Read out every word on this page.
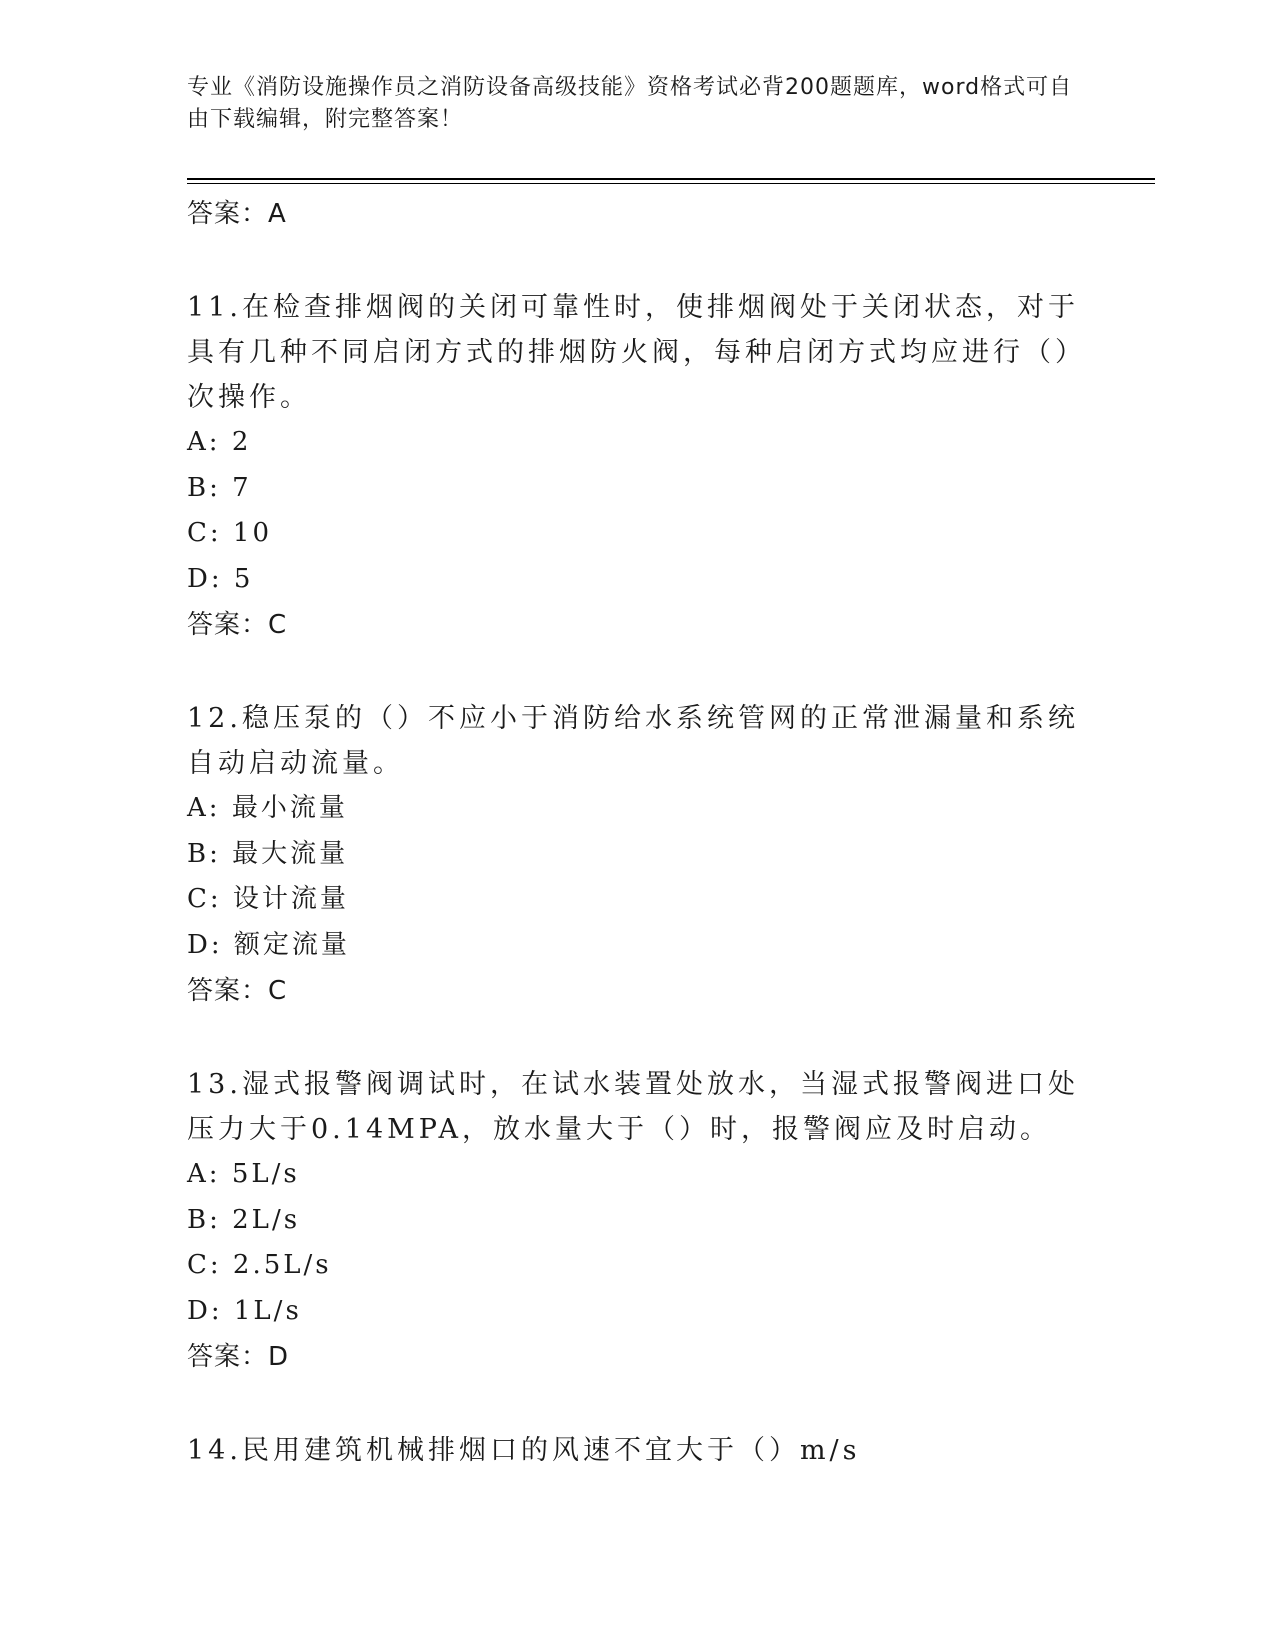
专业《消防设施操作员之消防设备高级技能》资格考试必背200题题库，word格式可自由下载编辑，附完整答案！
答案：A

11.在检查排烟阀的关闭可靠性时，使排烟阀处于关闭状态，对于具有几种不同启闭方式的排烟防火阀，每种启闭方式均应进行（）次操作。

A: 2
B: 7
C: 10
D: 5
答案：C

12.稳压泵的（）不应小于消防给水系统管网的正常泄漏量和系统自动启动流量。

A: 最小流量
B: 最大流量
C: 设计流量
D: 额定流量
答案：C

13.湿式报警阀调试时，在试水装置处放水，当湿式报警阀进口处压力大于0.14MPA，放水量大于（）时，报警阀应及时启动。

A: 5L/s
B: 2L/s
C: 2.5L/s
D: 1L/s
答案：D

14.民用建筑机械排烟口的风速不宜大于（）m/s
